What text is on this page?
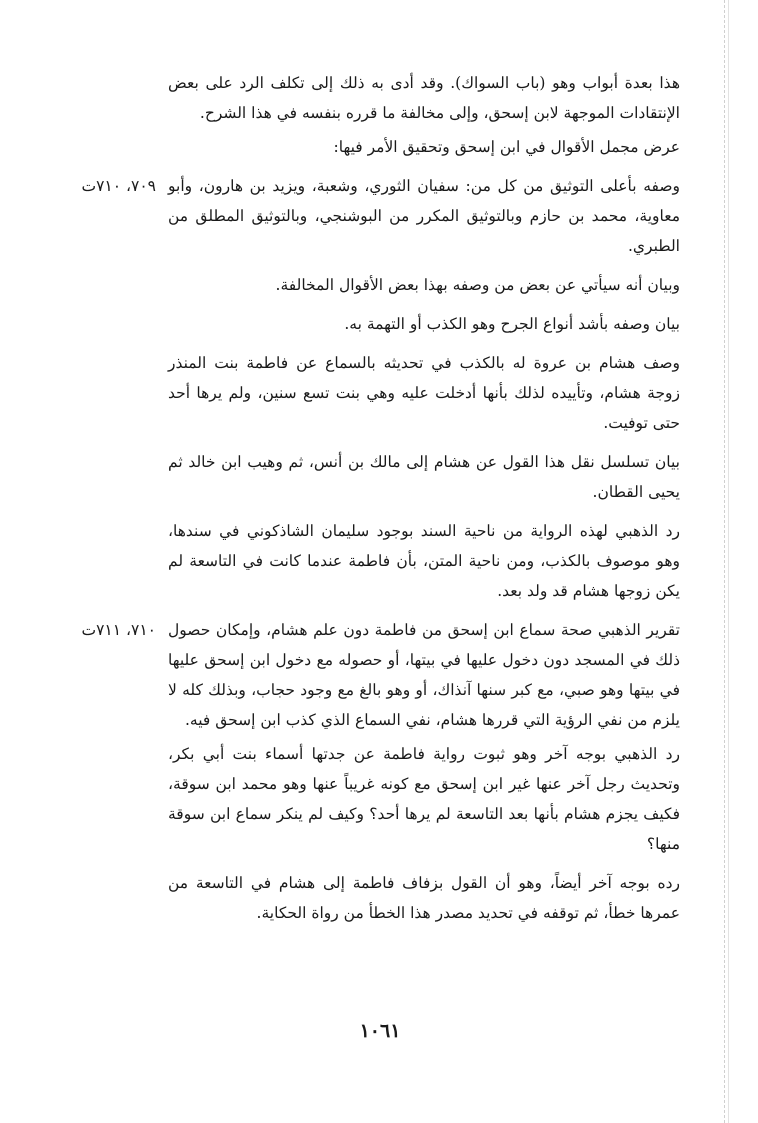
هذا بعدة أبواب وهو (باب السواك). وقد أدى به ذلك إلى تكلف الرد على بعض الإنتقادات الموجهة لابن إسحق، وإلى مخالفة ما قرره بنفسه في هذا الشرح.

عرض مجمل الأقوال في ابن إسحق وتحقيق الأمر فيها:

٧٠٩، ٧١٠ت وصفه بأعلى التوثيق من كل من: سفيان الثوري، وشعبة، ويزيد بن هارون، وأبو معاوية، محمد بن حازم وبالتوثيق المكرر من البوشنجي، وبالتوثيق المطلق من الطبري.

وبيان أنه سيأتي عن بعض من وصفه بهذا بعض الأقوال المخالفة.

بيان وصفه بأشد أنواع الجرح وهو الكذب أو التهمة به.

وصف هشام بن عروة له بالكذب في تحديثه بالسماع عن فاطمة بنت المنذر زوجة هشام، وتأييده لذلك بأنها أدخلت عليه وهي بنت تسع سنين، ولم يرها أحد حتى توفيت.

بيان تسلسل نقل هذا القول عن هشام إلى مالك بن أنس، ثم وهيب ابن خالد ثم يحيى القطان.

رد الذهبي لهذه الرواية من ناحية السند بوجود سليمان الشاذكوني في سندها، وهو موصوف بالكذب، ومن ناحية المتن، بأن فاطمة عندما كانت في التاسعة لم يكن زوجها هشام قد ولد بعد.

٧١٠، ٧١١ت تقرير الذهبي صحة سماع ابن إسحق من فاطمة دون علم هشام، وإمكان حصول ذلك في المسجد دون دخول عليها في بيتها، أو حصوله مع دخول ابن إسحق عليها في بيتها وهو صبي، مع كبر سنها آنذاك، أو وهو بالغ مع وجود حجاب، وبذلك كله لا يلزم من نفي الرؤية التي قررها هشام، نفي السماع الذي كذب ابن إسحق فيه.

رد الذهبي بوجه آخر وهو ثبوت رواية فاطمة عن جدتها أسماء بنت أبي بكر، وتحديث رجل آخر عنها غير ابن إسحق مع كونه غريباً عنها وهو محمد ابن سوقة، فكيف يجزم هشام بأنها بعد التاسعة لم يرها أحد؟ وكيف لم ينكر سماع ابن سوقة منها؟

رده بوجه آخر أيضاً، وهو أن القول بزفاف فاطمة إلى هشام في التاسعة من عمرها خطأ، ثم توقفه في تحديد مصدر هذا الخطأ من رواة الحكاية.

١٠٦١
